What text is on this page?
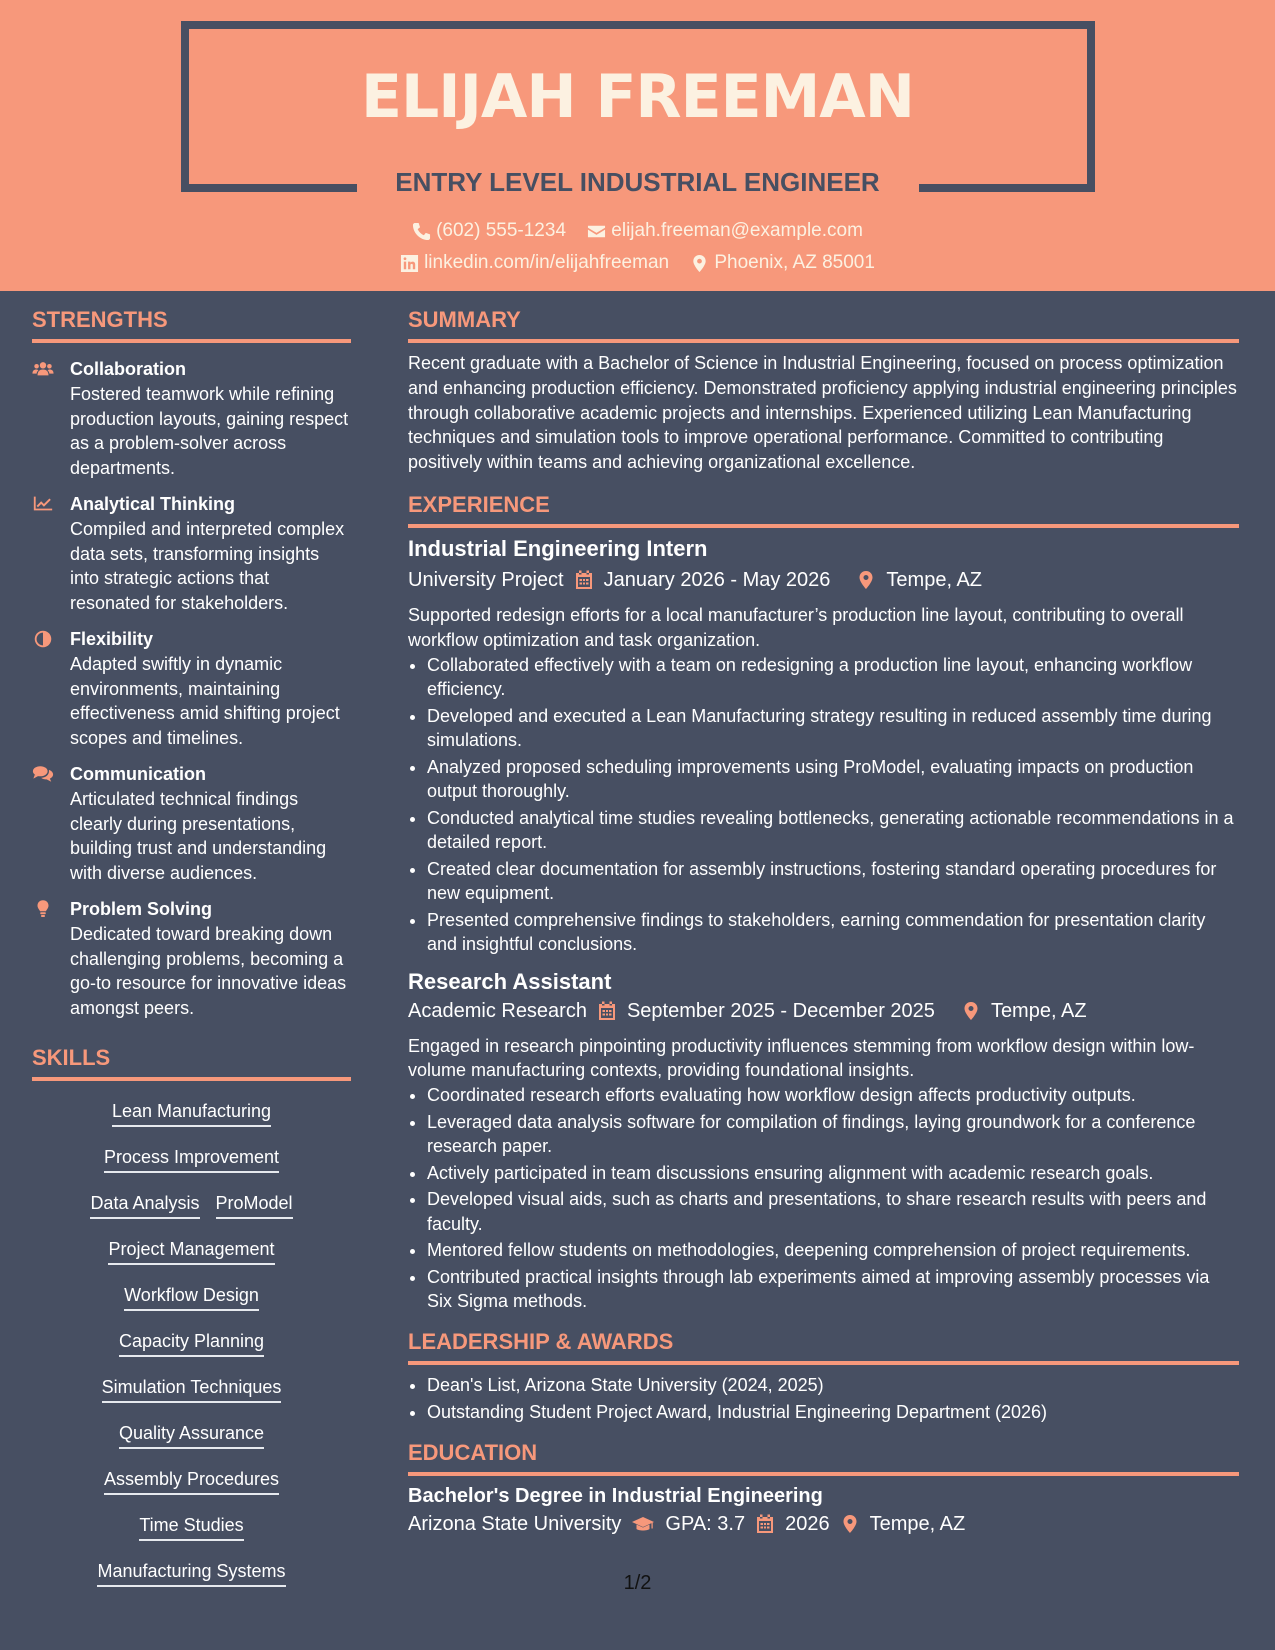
ELIJAH FREEMAN
ENTRY LEVEL INDUSTRIAL ENGINEER
(602) 555-1234
elijah.freeman@example.com
linkedin.com/in/elijahfreeman
Phoenix, AZ 85001
STRENGTHS
Collaboration
Fostered teamwork while refining production layouts, gaining respect as a problem-solver across departments.
Analytical Thinking
Compiled and interpreted complex data sets, transforming insights into strategic actions that resonated for stakeholders.
Flexibility
Adapted swiftly in dynamic environments, maintaining effectiveness amid shifting project scopes and timelines.
Communication
Articulated technical findings clearly during presentations, building trust and understanding with diverse audiences.
Problem Solving
Dedicated toward breaking down challenging problems, becoming a go-to resource for innovative ideas amongst peers.
SKILLS
Lean Manufacturing
Process Improvement
Data Analysis ProModel
Project Management
Workflow Design
Capacity Planning
Simulation Techniques
Quality Assurance
Assembly Procedures
Time Studies
Manufacturing Systems
SUMMARY
Recent graduate with a Bachelor of Science in Industrial Engineering, focused on process optimization and enhancing production efficiency. Demonstrated proficiency applying industrial engineering principles through collaborative academic projects and internships. Experienced utilizing Lean Manufacturing techniques and simulation tools to improve operational performance. Committed to contributing positively within teams and achieving organizational excellence.
EXPERIENCE
Industrial Engineering Intern
University Project January 2026 - May 2026	Tempe, AZ
Supported redesign efforts for a local manufacturer’s production line layout, contributing to overall workflow optimization and task organization.
• Collaborated effectively with a team on redesigning a production line layout, enhancing workflow efficiency.
• Developed and executed a Lean Manufacturing strategy resulting in reduced assembly time during simulations.
• Analyzed proposed scheduling improvements using ProModel, evaluating impacts on production output thoroughly.
• Conducted analytical time studies revealing bottlenecks, generating actionable recommendations in a detailed report.
• Created clear documentation for assembly instructions, fostering standard operating procedures for new equipment.
• Presented comprehensive findings to stakeholders, earning commendation for presentation clarity and insightful conclusions.
Research Assistant
Academic Research September 2025 - December 2025	Tempe, AZ
Engaged in research pinpointing productivity influences stemming from workflow design within low-volume manufacturing contexts, providing foundational insights.
• Coordinated research efforts evaluating how workflow design affects productivity outputs.
• Leveraged data analysis software for compilation of findings, laying groundwork for a conference research paper.
• Actively participated in team discussions ensuring alignment with academic research goals.
• Developed visual aids, such as charts and presentations, to share research results with peers and faculty.
• Mentored fellow students on methodologies, deepening comprehension of project requirements.
• Contributed practical insights through lab experiments aimed at improving assembly processes via Six Sigma methods.
LEADERSHIP & AWARDS
• Dean's List, Arizona State University (2024, 2025)
• Outstanding Student Project Award, Industrial Engineering Department (2026)
EDUCATION
Bachelor's Degree in Industrial Engineering
Arizona State University GPA: 3.7 2026 Tempe, AZ
1/2
